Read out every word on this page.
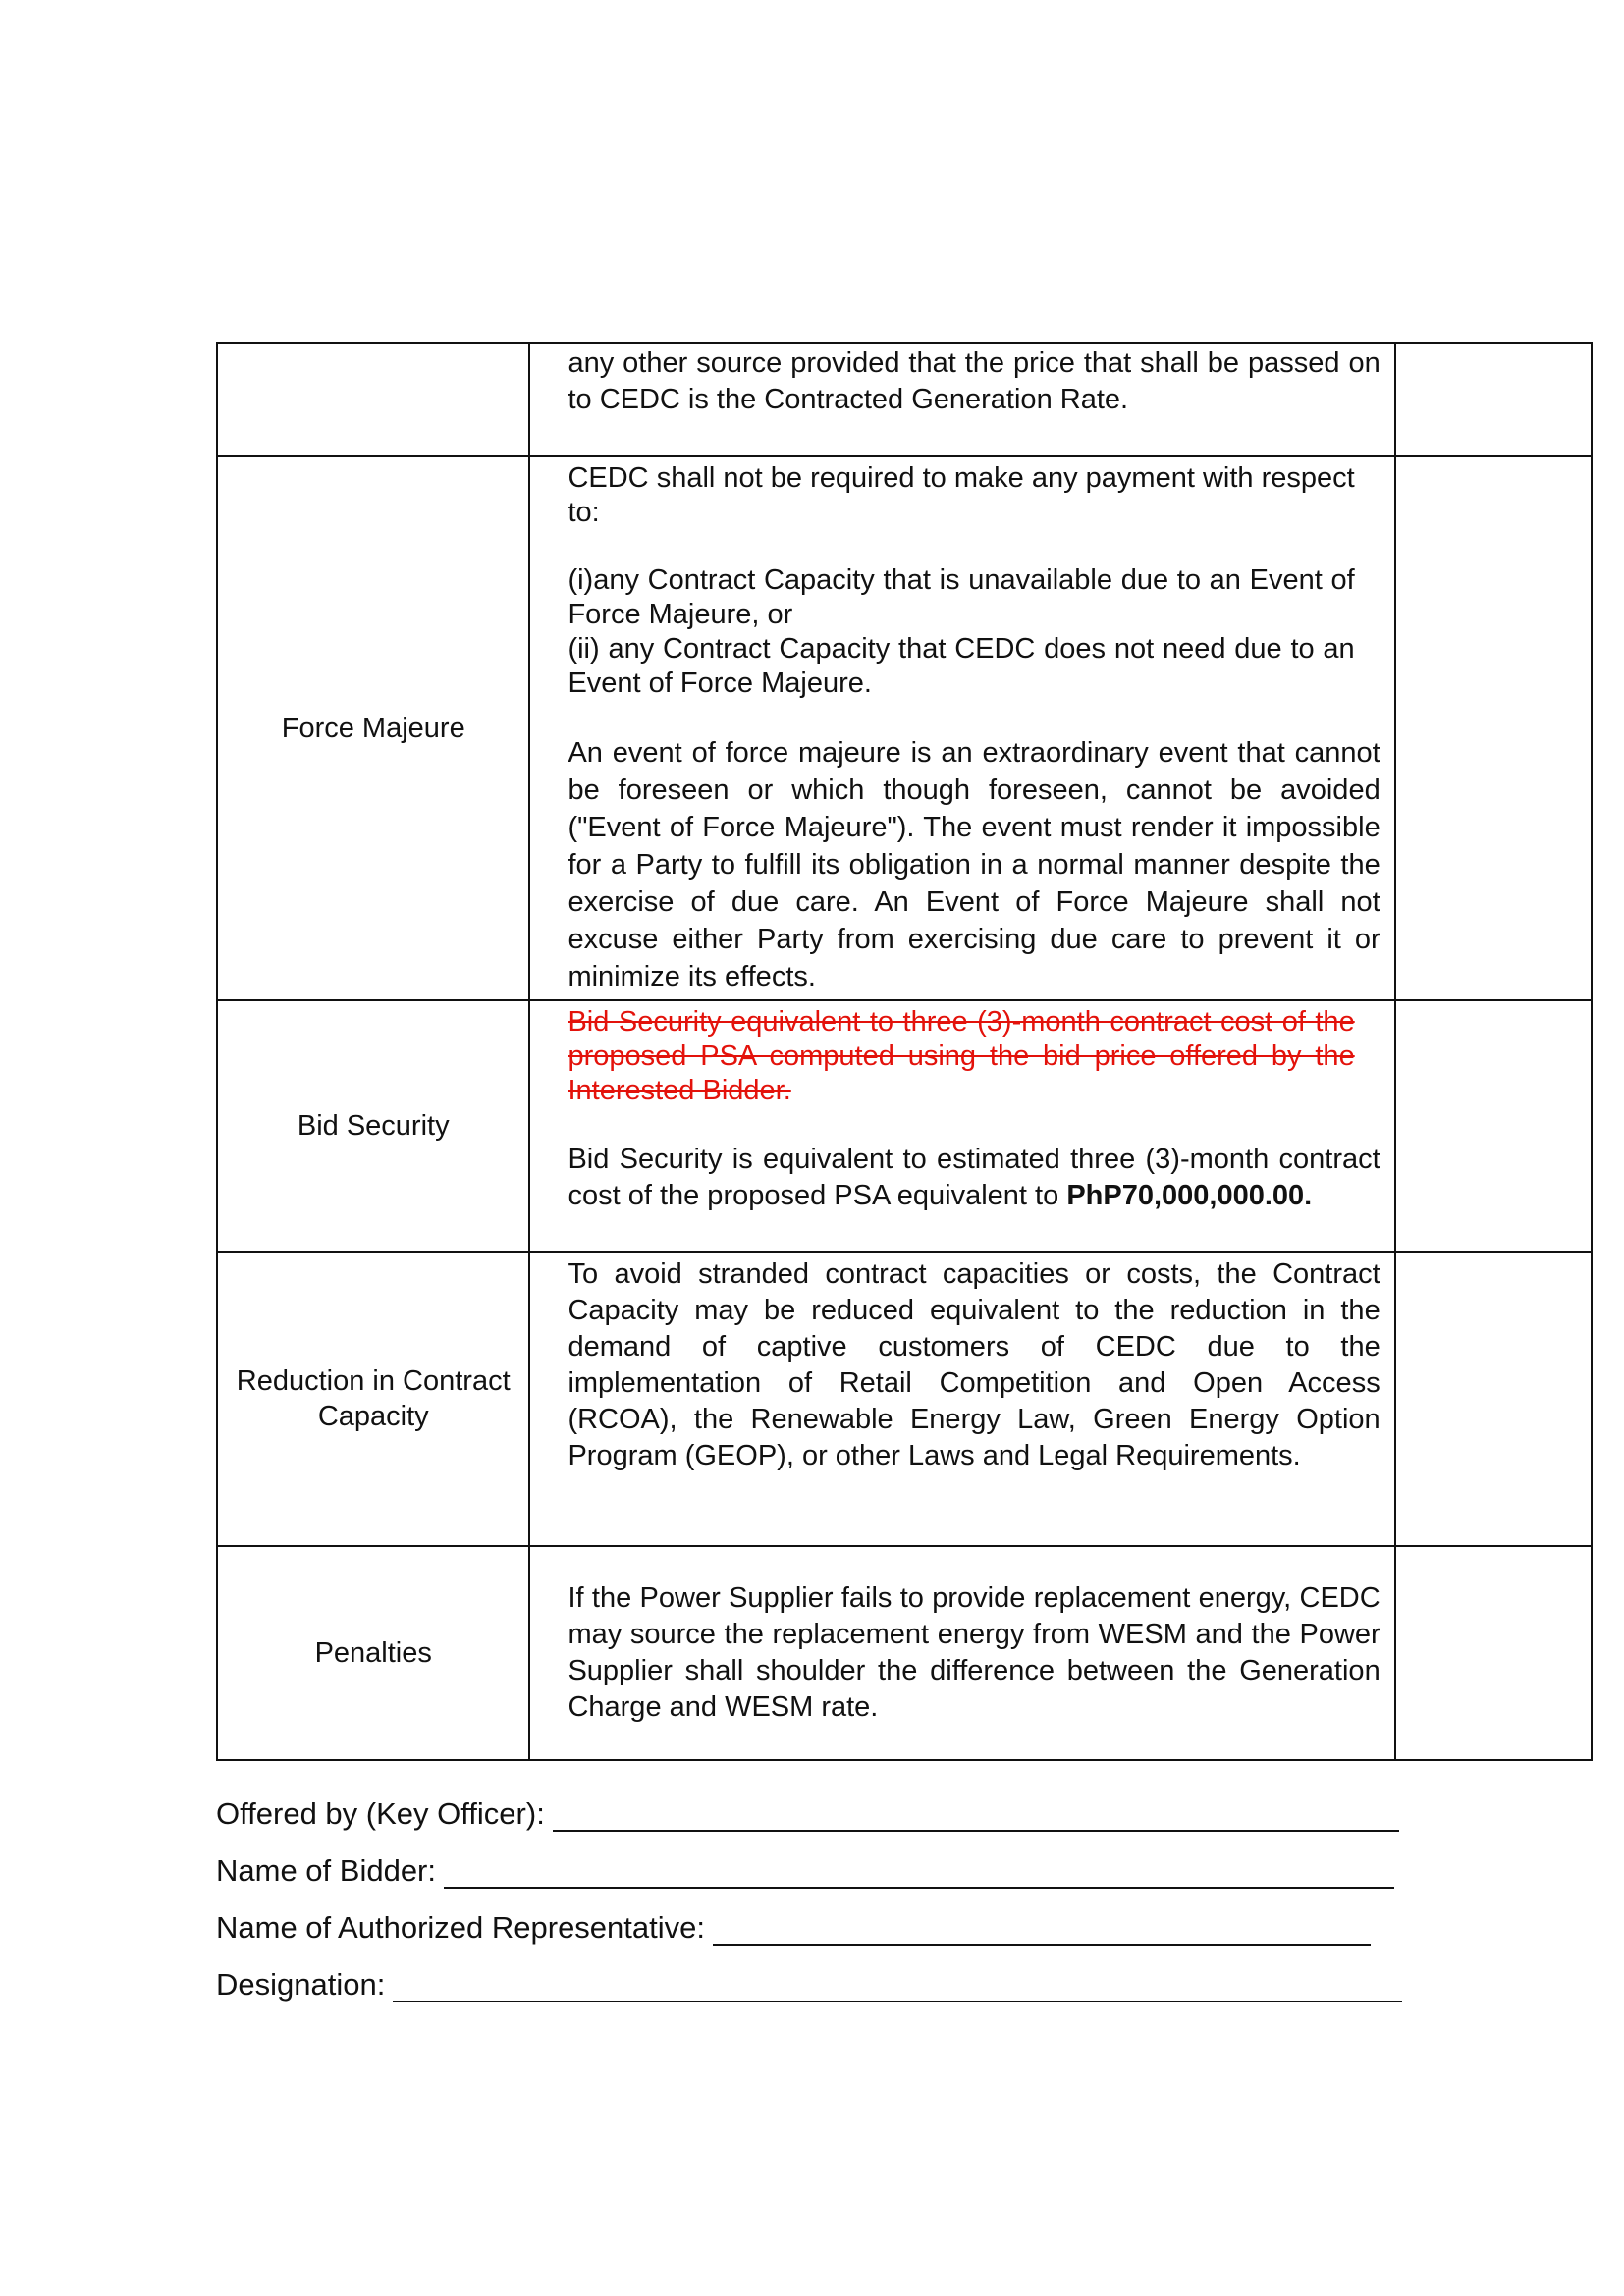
	any other source provided that the price that shall be passed on to CEDC is the Contracted Generation Rate.	

Force Majeure	CEDC shall not be required to make any payment with respect to:

(i)any Contract Capacity that is unavailable due to an Event of Force Majeure, or

(ii) any Contract Capacity that CEDC does not need due to an Event of Force Majeure.

An event of force majeure is an extraordinary event that cannot be foreseen or which though foreseen, cannot be avoided ("Event of Force Majeure"). The event must render it impossible for a Party to fulfill its obligation in a normal manner despite the exercise of due care. An Event of Force Majeure shall not excuse either Party from exercising due care to prevent it or minimize its effects.	

Bid Security	Bid Security equivalent to three (3)-month contract cost of the proposed PSA computed using the bid price offered by the Interested Bidder.

Bid Security is equivalent to estimated three (3)-month contract cost of the proposed PSA equivalent to PhP70,000,000.00.	

Reduction in Contract Capacity	To avoid stranded contract capacities or costs, the Contract Capacity may be reduced equivalent to the reduction in the demand of captive customers of CEDC due to the implementation of Retail Competition and Open Access (RCOA), the Renewable Energy Law, Green Energy Option Program (GEOP), or other Laws and Legal Requirements.	

Penalties	If the Power Supplier fails to provide replacement energy, CEDC may source the replacement energy from WESM and the Power Supplier shall shoulder the difference between the Generation Charge and WESM rate.	

Offered by (Key Officer):
Name of Bidder:
Name of Authorized Representative:
Designation:
